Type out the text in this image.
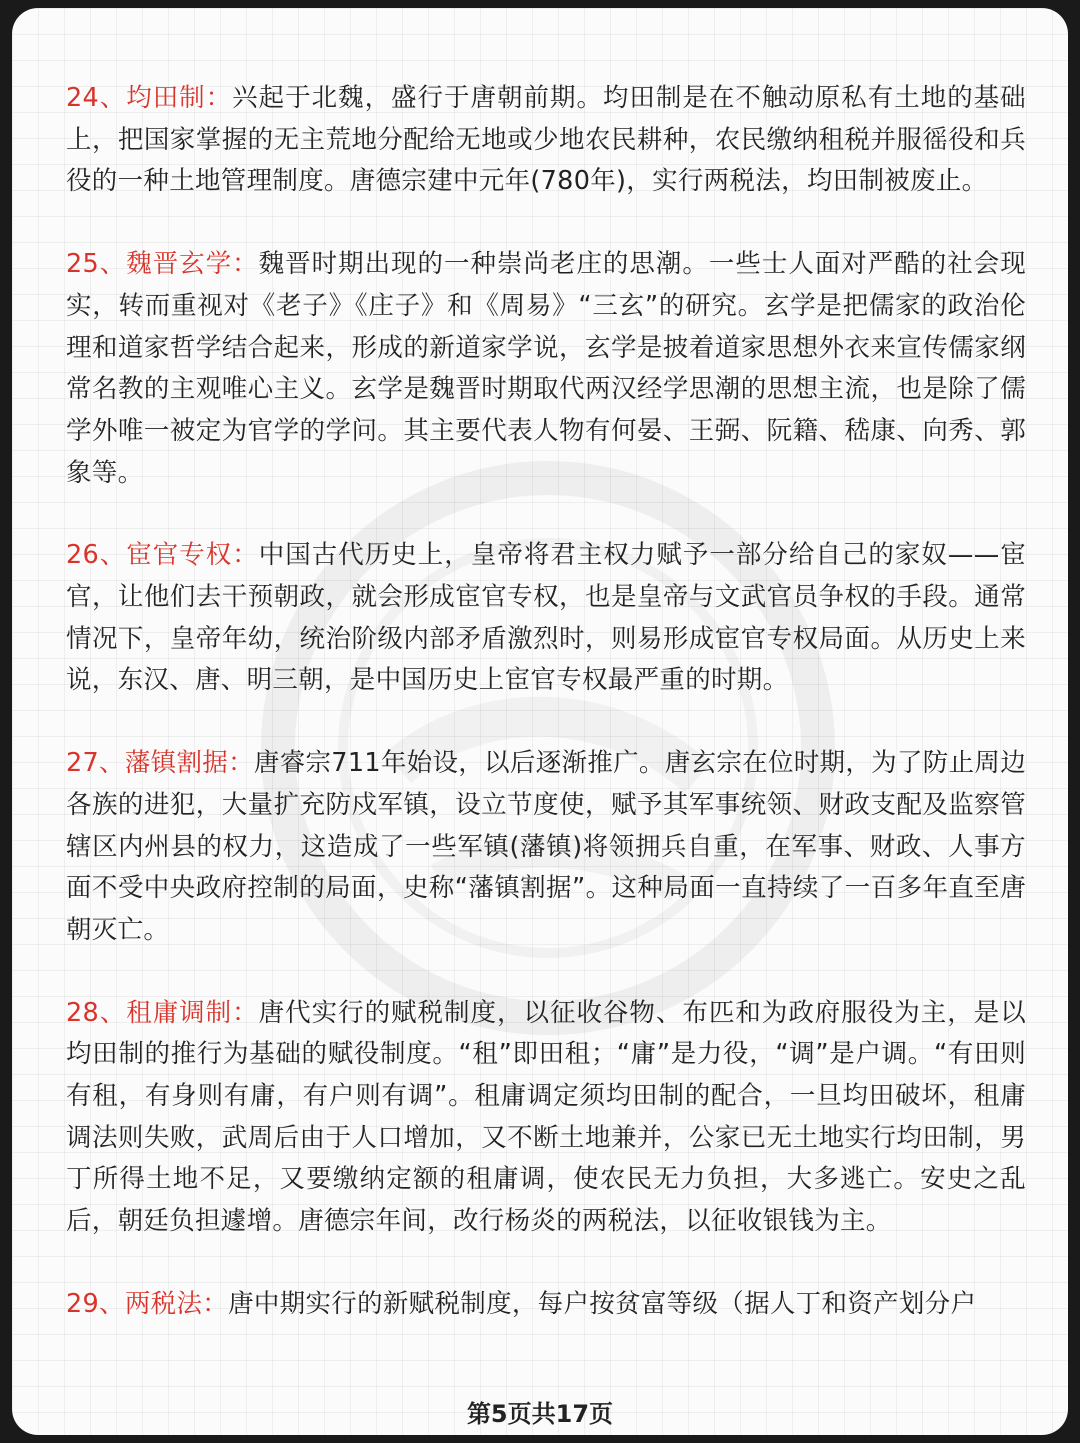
24、均田制：兴起于北魏，盛行于唐朝前期。均田制是在不触动原私有土地的基础上，把国家掌握的无主荒地分配给无地或少地农民耕种，农民缴纳租税并服徭役和兵役的一种土地管理制度。唐德宗建中元年(780年)，实行两税法，均田制被废止。

25、魏晋玄学：魏晋时期出现的一种崇尚老庄的思潮。一些士人面对严酷的社会现实，转而重视对《老子》《庄子》和《周易》“三玄”的研究。玄学是把儒家的政治伦理和道家哲学结合起来，形成的新道家学说，玄学是披着道家思想外衣来宣传儒家纲常名教的主观唯心主义。玄学是魏晋时期取代两汉经学思潮的思想主流，也是除了儒学外唯一被定为官学的学问。其主要代表人物有何晏、王弼、阮籍、嵇康、向秀、郭象等。

26、宦官专权：中国古代历史上，皇帝将君主权力赋予一部分给自己的家奴——宦官，让他们去干预朝政，就会形成宦官专权，也是皇帝与文武官员争权的手段。通常情况下，皇帝年幼，统治阶级内部矛盾激烈时，则易形成宦官专权局面。从历史上来说，东汉、唐、明三朝，是中国历史上宦官专权最严重的时期。

27、藩镇割据：唐睿宗711年始设，以后逐渐推广。唐玄宗在位时期，为了防止周边各族的进犯，大量扩充防戍军镇，设立节度使，赋予其军事统领、财政支配及监察管辖区内州县的权力，这造成了一些军镇(藩镇)将领拥兵自重，在军事、财政、人事方面不受中央政府控制的局面，史称“藩镇割据”。这种局面一直持续了一百多年直至唐朝灭亡。

28、租庸调制：唐代实行的赋税制度，以征收谷物、布匹和为政府服役为主，是以均田制的推行为基础的赋役制度。“租”即田租；“庸”是力役，“调”是户调。“有田则有租，有身则有庸，有户则有调”。租庸调定须均田制的配合，一旦均田破坏，租庸调法则失败，武周后由于人口增加，又不断土地兼并，公家已无土地实行均田制，男丁所得土地不足，又要缴纳定额的租庸调，使农民无力负担，大多逃亡。安史之乱后，朝廷负担遽增。唐德宗年间，改行杨炎的两税法，以征收银钱为主。

29、两税法：唐中期实行的新赋税制度，每户按贫富等级（据人丁和资产划分户

第5页共17页
